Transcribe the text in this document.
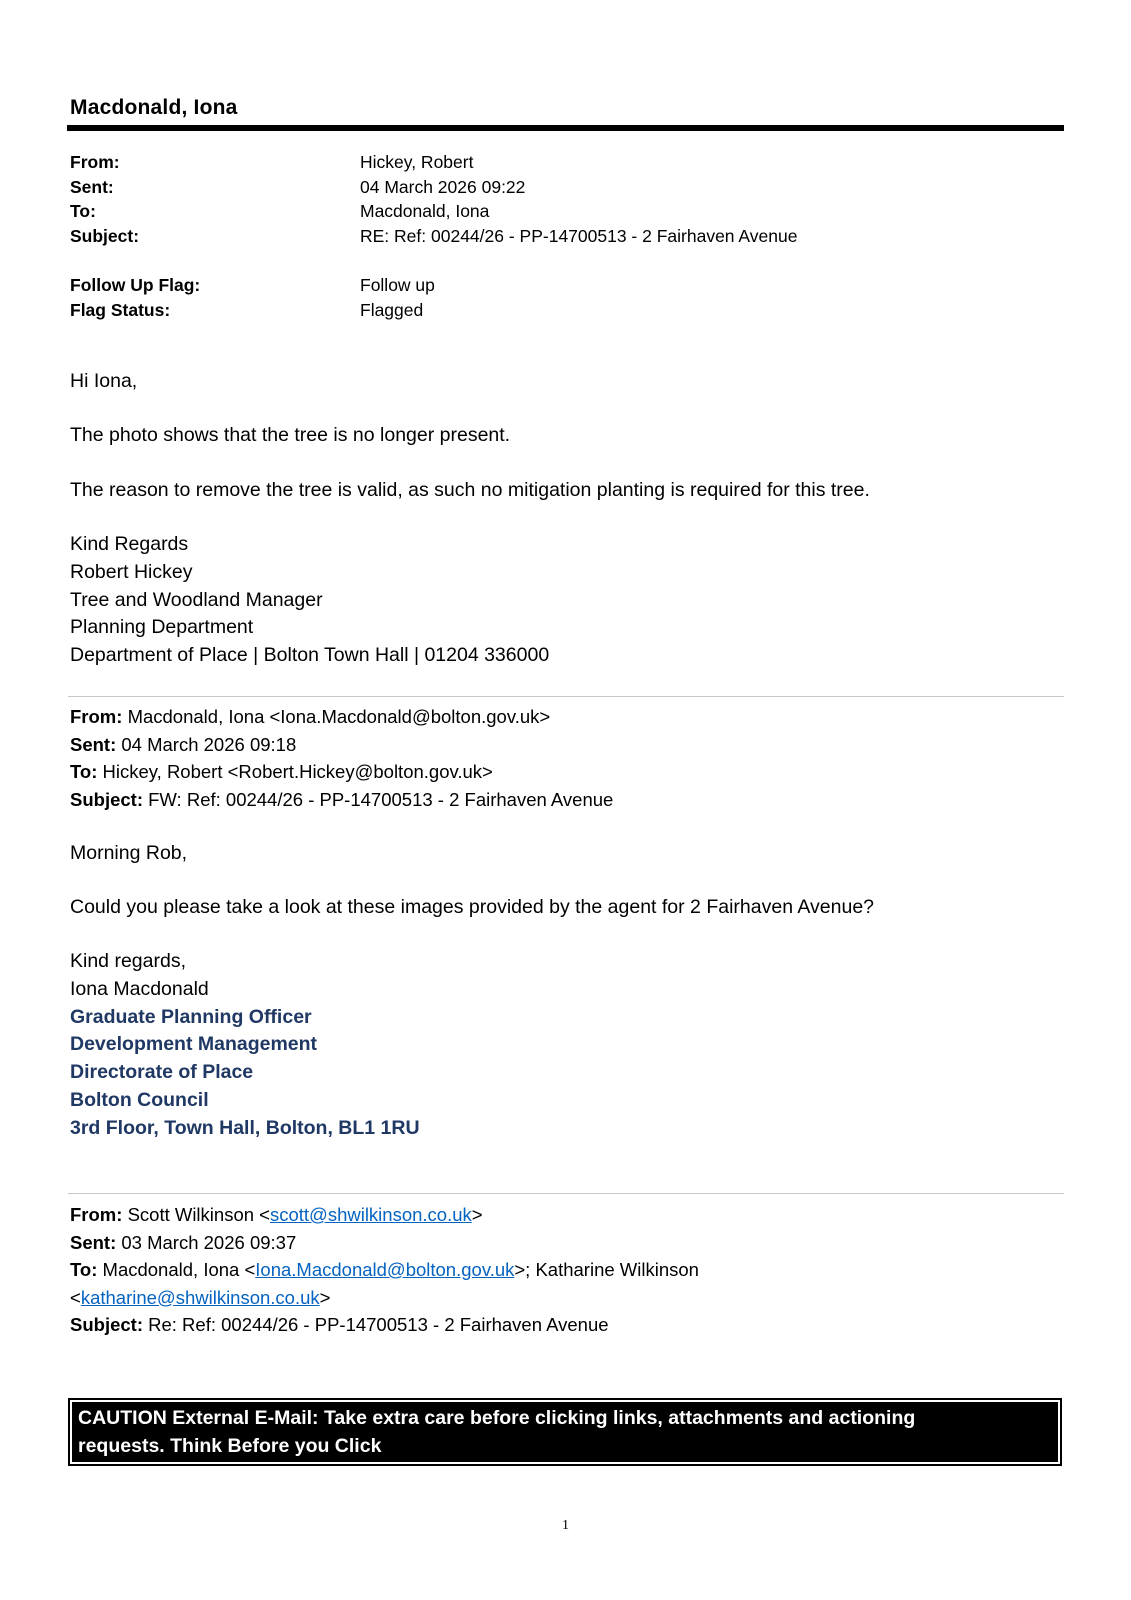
Macdonald, Iona
From:	Hickey, Robert
Sent:	04 March 2026 09:22
To:	Macdonald, Iona
Subject:	RE: Ref: 00244/26 - PP-14700513 - 2 Fairhaven Avenue
Follow Up Flag:	Follow up
Flag Status:	Flagged
Hi Iona,
The photo shows that the tree is no longer present.
The reason to remove the tree is valid, as such no mitigation planting is required for this tree.
Kind Regards
Robert Hickey
Tree and Woodland Manager
Planning Department
Department of Place | Bolton Town Hall | 01204 336000
From: Macdonald, Iona <Iona.Macdonald@bolton.gov.uk>
Sent: 04 March 2026 09:18
To: Hickey, Robert <Robert.Hickey@bolton.gov.uk>
Subject: FW: Ref: 00244/26 - PP-14700513 - 2 Fairhaven Avenue
Morning Rob,
Could you please take a look at these images provided by the agent for 2 Fairhaven Avenue?
Kind regards,
Iona Macdonald
Graduate Planning Officer
Development Management
Directorate of Place
Bolton Council
3rd Floor, Town Hall, Bolton, BL1 1RU
From: Scott Wilkinson <scott@shwilkinson.co.uk>
Sent: 03 March 2026 09:37
To: Macdonald, Iona <Iona.Macdonald@bolton.gov.uk>; Katharine Wilkinson
<katharine@shwilkinson.co.uk>
Subject: Re: Ref: 00244/26 - PP-14700513 - 2 Fairhaven Avenue
CAUTION External E-Mail: Take extra care before clicking links, attachments and actioning
requests. Think Before you Click
1
